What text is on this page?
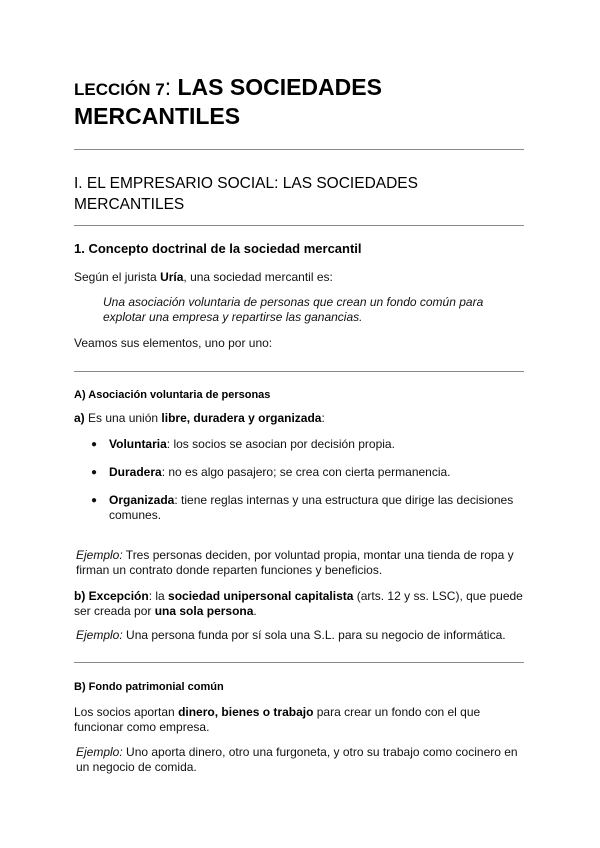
LECCIÓN 7: LAS SOCIEDADES MERCANTILES
I. EL EMPRESARIO SOCIAL: LAS SOCIEDADES MERCANTILES
1. Concepto doctrinal de la sociedad mercantil

Según el jurista Uría, una sociedad mercantil es:

Una asociación voluntaria de personas que crean un fondo común para explotar una empresa y repartirse las ganancias.

Veamos sus elementos, uno por uno:

A) Asociación voluntaria de personas

a) Es una unión libre, duradera y organizada:

● Voluntaria: los socios se asocian por decisión propia.
● Duradera: no es algo pasajero; se crea con cierta permanencia.
● Organizada: tiene reglas internas y una estructura que dirige las decisiones comunes.

Ejemplo: Tres personas deciden, por voluntad propia, montar una tienda de ropa y firman un contrato donde reparten funciones y beneficios.

b) Excepción: la sociedad unipersonal capitalista (arts. 12 y ss. LSC), que puede ser creada por una sola persona.

Ejemplo: Una persona funda por sí sola una S.L. para su negocio de informática.

B) Fondo patrimonial común

Los socios aportan dinero, bienes o trabajo para crear un fondo con el que funcionar como empresa.

Ejemplo: Uno aporta dinero, otro una furgoneta, y otro su trabajo como cocinero en un negocio de comida.
